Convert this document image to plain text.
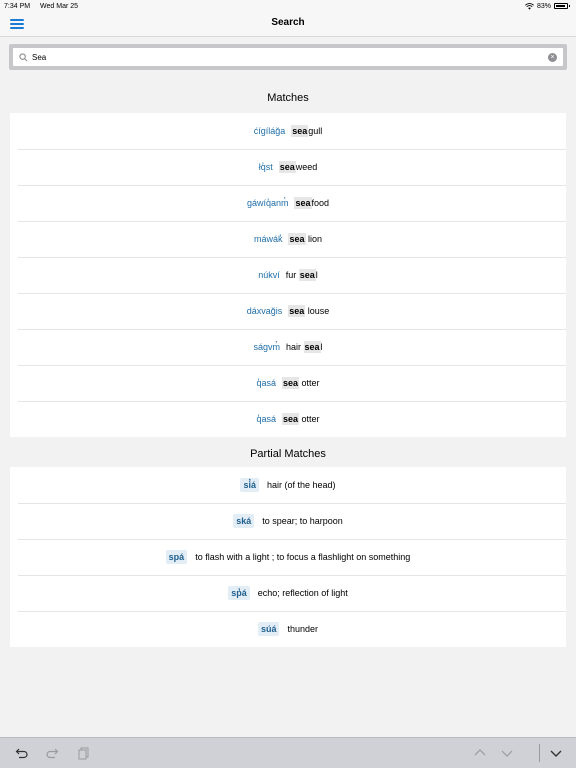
7:34 PM Wed Mar 25	83%
Search
Sea
×
Matches
ćígíláğa seagull
łq̓st seaweed
gáwíq̓anm̓ seafood
máwák̓ sea lion
núkví fur seal
dáxvağis sea louse
ságvm̓ hair seal
q̓asá sea otter
q̓asá sea otter
Partial Matches
si̓á	hair (of the head)
ská	to spear; to harpoon
spá	to flash with a light ; to focus a flashlight on something
sp̓á	echo; reflection of light
súá	thunder
